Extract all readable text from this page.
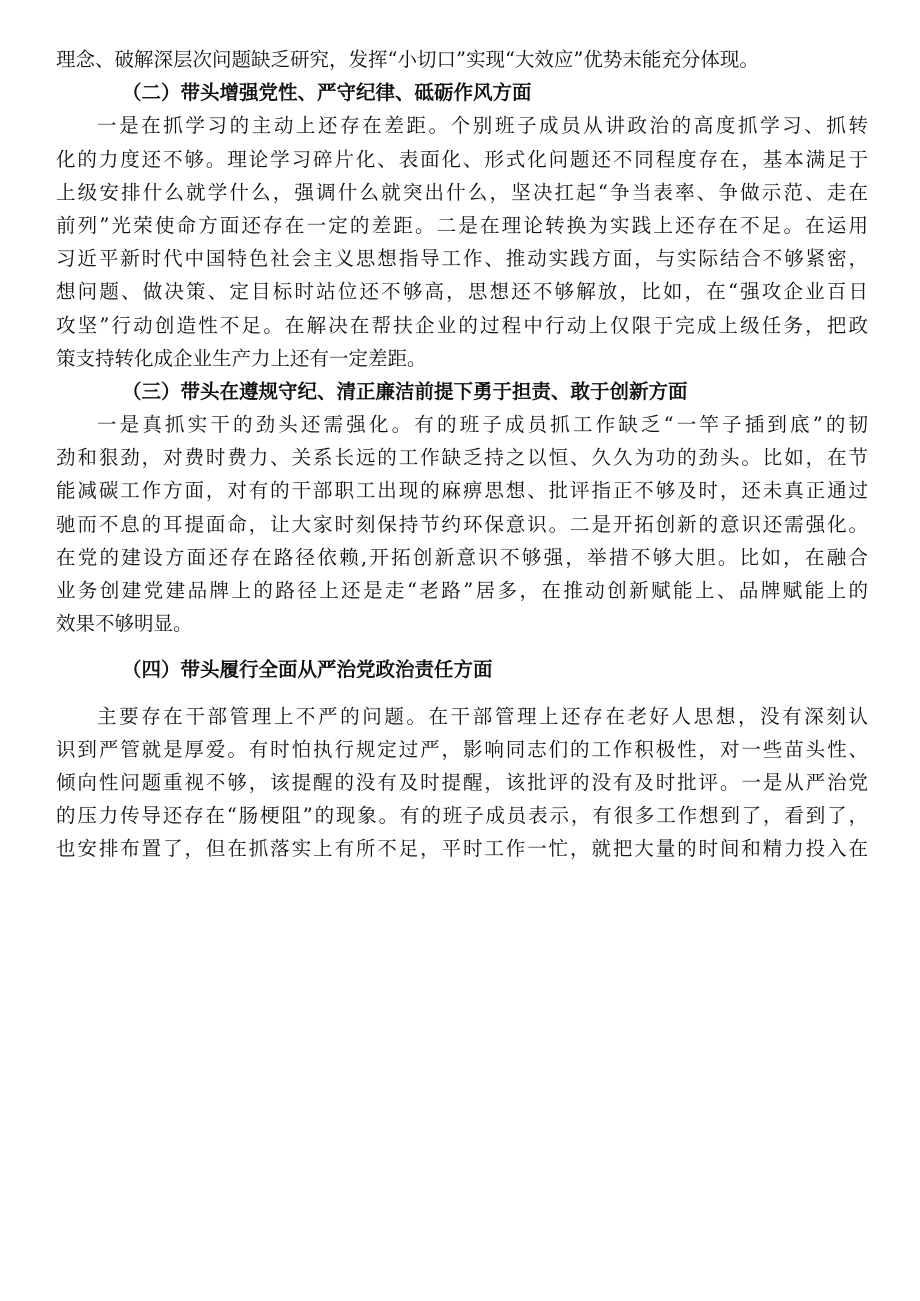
理念、破解深层次问题缺乏研究，发挥“小切口”实现“大效应”优势未能充分体现。
（二）带头增强党性、严守纪律、砥砺作风方面
一是在抓学习的主动上还存在差距。个别班子成员从讲政治的高度抓学习、抓转
化的力度还不够。理论学习碎片化、表面化、形式化问题还不同程度存在，基本满足于
上级安排什么就学什么，强调什么就突出什么，坚决扛起“争当表率、争做示范、走在
前列”光荣使命方面还存在一定的差距。二是在理论转换为实践上还存在不足。在运用
习近平新时代中国特色社会主义思想指导工作、推动实践方面，与实际结合不够紧密，
想问题、做决策、定目标时站位还不够高，思想还不够解放，比如，在“强攻企业百日
攻坚”行动创造性不足。在解决在帮扶企业的过程中行动上仅限于完成上级任务，把政
策支持转化成企业生产力上还有一定差距。
（三）带头在遵规守纪、清正廉洁前提下勇于担责、敢于创新方面
一是真抓实干的劲头还需强化。有的班子成员抓工作缺乏“一竿子插到底”的韧
劲和狠劲，对费时费力、关系长远的工作缺乏持之以恒、久久为功的劲头。比如，在节
能减碳工作方面，对有的干部职工出现的麻痹思想、批评指正不够及时，还未真正通过
驰而不息的耳提面命，让大家时刻保持节约环保意识。二是开拓创新的意识还需强化。
在党的建设方面还存在路径依赖,开拓创新意识不够强，举措不够大胆。比如，在融合
业务创建党建品牌上的路径上还是走“老路”居多，在推动创新赋能上、品牌赋能上的
效果不够明显。
（四）带头履行全面从严治党政治责任方面
主要存在干部管理上不严的问题。在干部管理上还存在老好人思想，没有深刻认
识到严管就是厚爱。有时怕执行规定过严，影响同志们的工作积极性，对一些苗头性、
倾向性问题重视不够，该提醒的没有及时提醒，该批评的没有及时批评。一是从严治党
的压力传导还存在“肠梗阻”的现象。有的班子成员表示，有很多工作想到了，看到了，
也安排布置了，但在抓落实上有所不足，平时工作一忙，就把大量的时间和精力投入在
